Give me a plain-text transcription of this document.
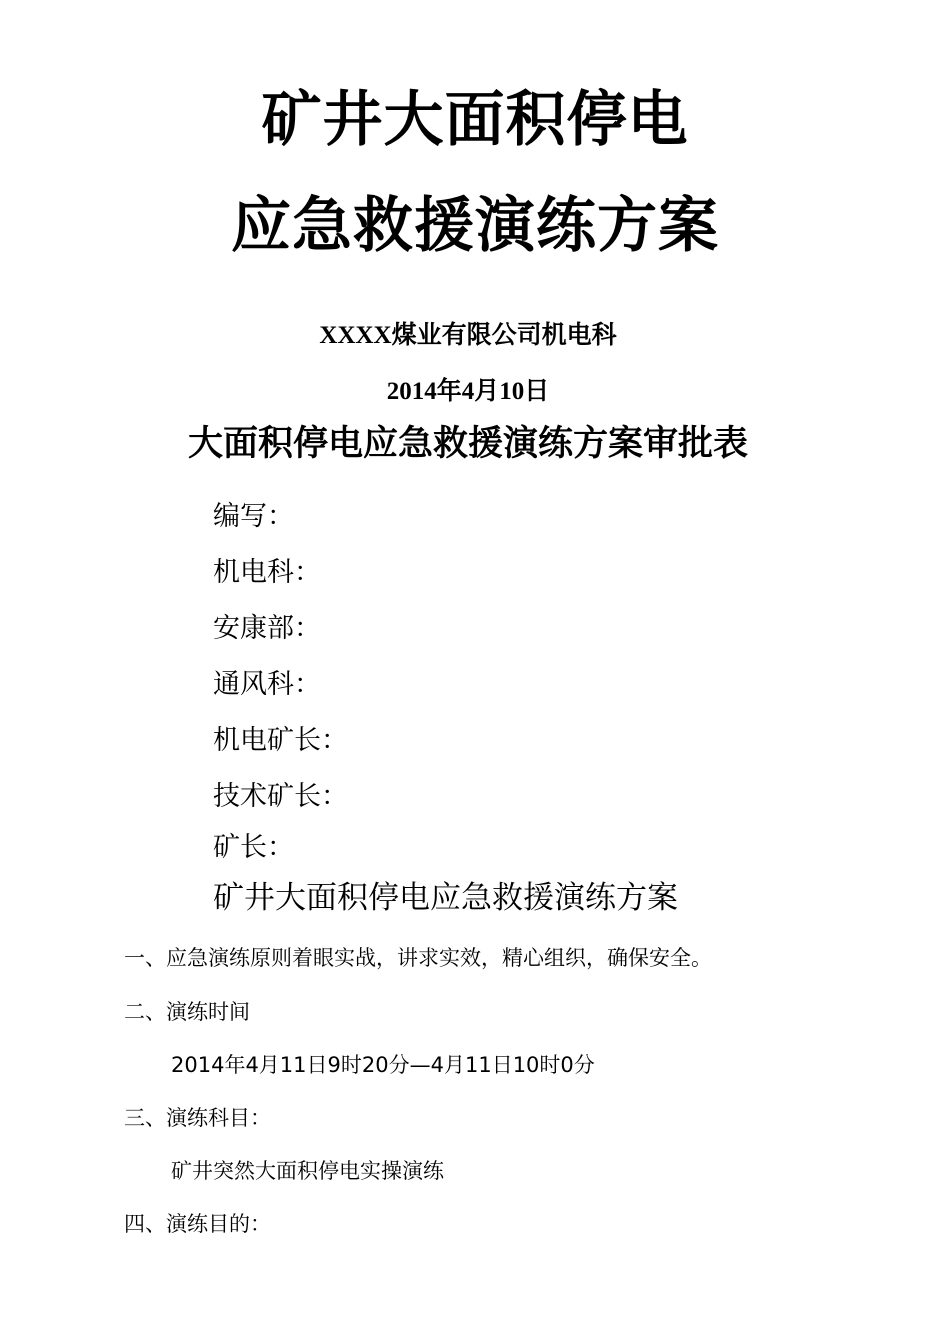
矿井大面积停电
应急救援演练方案
XXXX煤业有限公司机电科
2014年4月10日
大面积停电应急救援演练方案审批表
编写：
机电科：
安康部：
通风科：
机电矿长：
技术矿长：
矿长：
矿井大面积停电应急救援演练方案
一、应急演练原则着眼实战，讲求实效，精心组织，确保安全。
二、演练时间
2014年4月11日9时20分—4月11日10时0分
三、演练科目：
矿井突然大面积停电实操演练
四、演练目的：
